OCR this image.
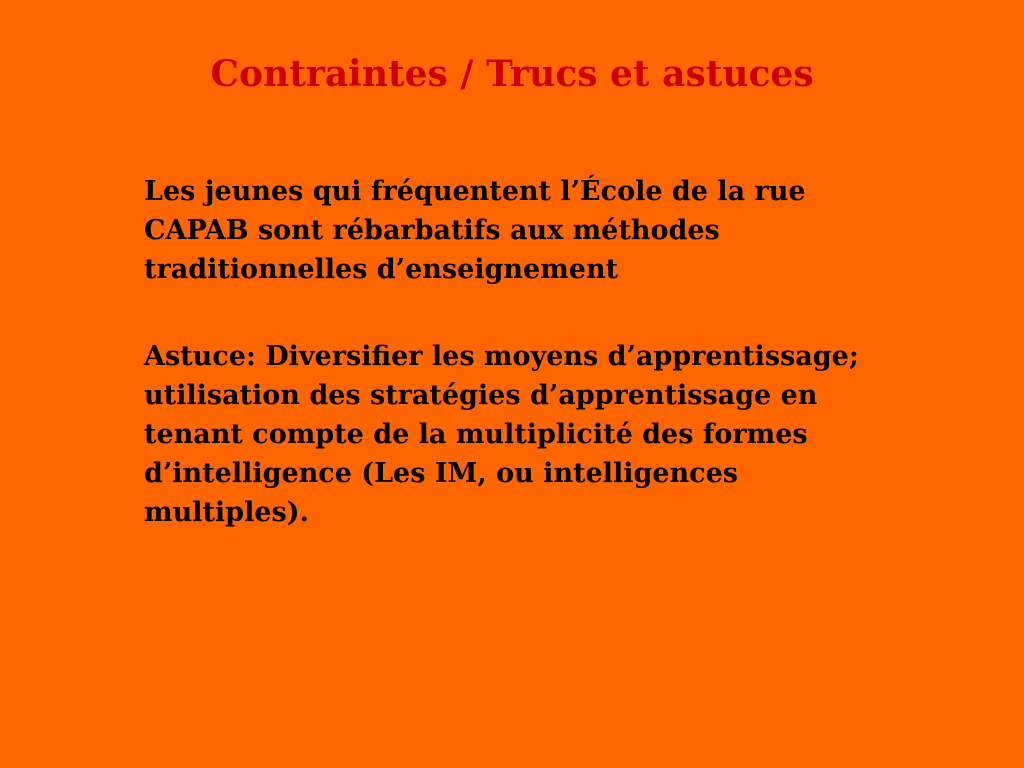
Contraintes / Trucs et astuces

Les jeunes qui fréquentent l’École de la rue
CAPAB sont rébarbatifs aux méthodes
traditionnelles d’enseignement

Astuce: Diversifier les moyens d’apprentissage;
utilisation des stratégies d’apprentissage en
tenant compte de la multiplicité des formes
d’intelligence (Les IM, ou intelligences
multiples).
